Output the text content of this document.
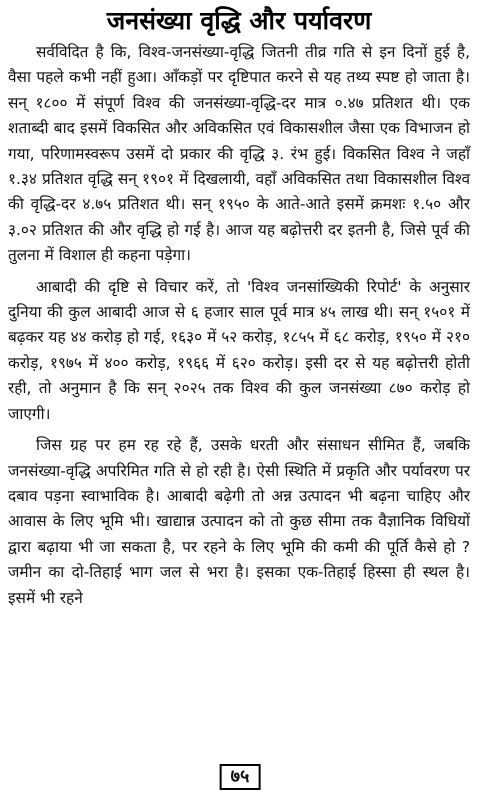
जनसंख्या वृद्धि और पर्यावरण

सर्वविदित है कि, विश्व-जनसंख्या-वृद्धि जितनी तीव्र गति से इन दिनों हुई है, वैसा पहले कभी नहीं हुआ। आँकड़ों पर दृष्टिपात करने से यह तथ्य स्पष्ट हो जाता है। सन् १८०० में संपूर्ण विश्व की जनसंख्या-वृद्धि-दर मात्र ०.४७ प्रतिशत थी। एक शताब्दी बाद इसमें विकसित और अविकसित एवं विकासशील जैसा एक विभाजन हो गया, परिणामस्वरूप उसमें दो प्रकार की वृद्धि ३. रंभ हुई। विकसित विश्व ने जहाँ १.३४ प्रतिशत वृद्धि सन् १९०१ में दिखलायी, वहाँ अविकसित तथा विकासशील विश्व की वृद्धि-दर ४.७५ प्रतिशत थी। सन् १९५० के आते-आते इसमें क्रमशः १.५० और ३.०२ प्रतिशत की और वृद्धि हो गई है। आज यह बढ़ोत्तरी दर इतनी है, जिसे पूर्व की तुलना में विशाल ही कहना पड़ेगा।

आबादी की दृष्टि से विचार करें, तो 'विश्व जनसांख्यिकी रिपोर्ट' के अनुसार दुनिया की कुल आबादी आज से ६ हजार साल पूर्व मात्र ४५ लाख थी। सन् १५०१ में बढ़कर यह ४४ करोड़ हो गई, १६३० में ५२ करोड़, १८५५ में ६८ करोड़, १९५० में २१० करोड़, १९७५ में ४०० करोड़, १९६६ में ६२० करोड़। इसी दर से यह बढ़ोत्तरी होती रही, तो अनुमान है कि सन् २०२५ तक विश्व की कुल जनसंख्या ८७० करोड़ हो जाएगी।

जिस ग्रह पर हम रह रहे हैं, उसके धरती और संसाधन सीमित हैं, जबकि जनसंख्या-वृद्धि अपरिमित गति से हो रही है। ऐसी स्थिति में प्रकृति और पर्यावरण पर दबाव पड़ना स्वाभाविक है। आबादी बढ़ेगी तो अन्न उत्पादन भी बढ़ना चाहिए और आवास के लिए भूमि भी। खाद्यान्न उत्पादन को तो कुछ सीमा तक वैज्ञानिक विधियों द्वारा बढ़ाया भी जा सकता है, पर रहने के लिए भूमि की कमी की पूर्ति कैसे हो ? जमीन का दो-तिहाई भाग जल से भरा है। इसका एक-तिहाई हिस्सा ही स्थल है। इसमें भी रहने

७५
